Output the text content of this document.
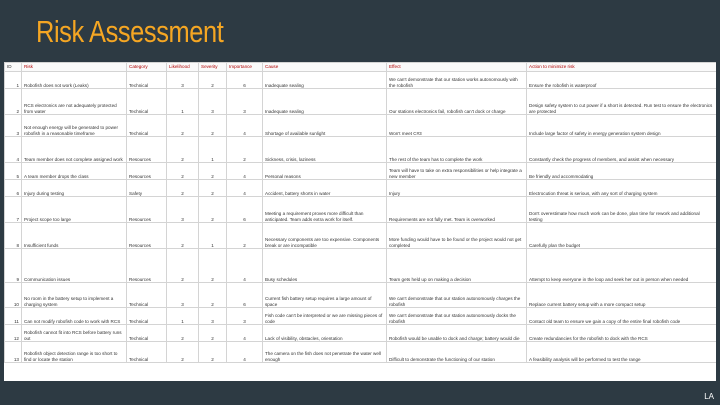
Risk Assessment
ID	Risk	Category	Likelihood	Severity	Importance	Cause	Effect	Action to minimize risk
1	Robofish does not work (Leaks)	Technical	3	2	6	Inadequate sealing	We can't demonstrate that our station works autonomously with the robofish	Ensure the robofish is waterproof
2	RCS electronics are not adequately protected from water	Technical	1	3	3	Inadequate sealing	Our stations electronics fail, robofish can't dock or charge	Design safety system to cut power if a short is detected. Run test to ensure the electronics are protected
3	Not enough energy will be generated to power robofish in a reasonable timeframe	Technical	2	2	4	Shortage of available sunlight	Won't meet C#3	Include large factor of safety in energy generation system design
4	Team member does not complete assigned work	Resources	2	1	2	Sickness, crisis, laziness	The rest of the team has to complete the work	Constantly check the progress of members, and assist when necessary
5	A team member drops the class	Resources	2	2	4	Personal reasons	Team will have to take on extra responsibilities or help integrate a new member	Be friendly and accommodating
6	Injury during testing	Safety	2	2	4	Accident, battery shorts in water	Injury	Electrocution threat is serious, with any sort of charging system
7	Project scope too large	Resources	3	2	6	Meeting a requirement proves more difficult than anticipated. Team adds extra work for itself.	Requirements are not fully met. Team is overworked	Don't overestimate how much work can be done, plan time for rework and additional testing
8	Insufficient funds	Resources	2	1	2	Necessary components are too expensive. Components break or are incompatible	More funding would have to be found or the project would not get completed	Carefully plan the budget
9	Communication issues	Resources	2	2	4	Busy schedules	Team gets held up on making a decision	Attempt to keep everyone in the loop and seek her out in person when needed
10	No room in the battery setup to implement a charging system	Technical	3	2	6	Current fish battery setup requires a large amount of space	We can't demonstrate that our station autonomously charges the robofish	Replace current battery setup with a more compact setup
11	Can not modify robofish code to work with RCS	Technical	1	3	3	Fish code can't be interpreted or we are missing pieces of code	We can't demonstrate that our station autonomously docks the robofish	Contact old team to ensure we gain a copy of the entire final robofish code
12	Robofish cannot fit into RCS before battery runs out	Technical	2	2	4	Lack of visibility, obstacles, orientation	Robofish would be unable to dock and charge; battery would die	Create redundancies for the robofish to dock with the RCS
13	Robofish object detection range is too short to find or locate the station	Technical	2	2	4	The camera on the fish does not penetrate the water well enough	Difficult to demonstrate the functioning of our station	A feasibility analysis will be performed to test the range
LA
